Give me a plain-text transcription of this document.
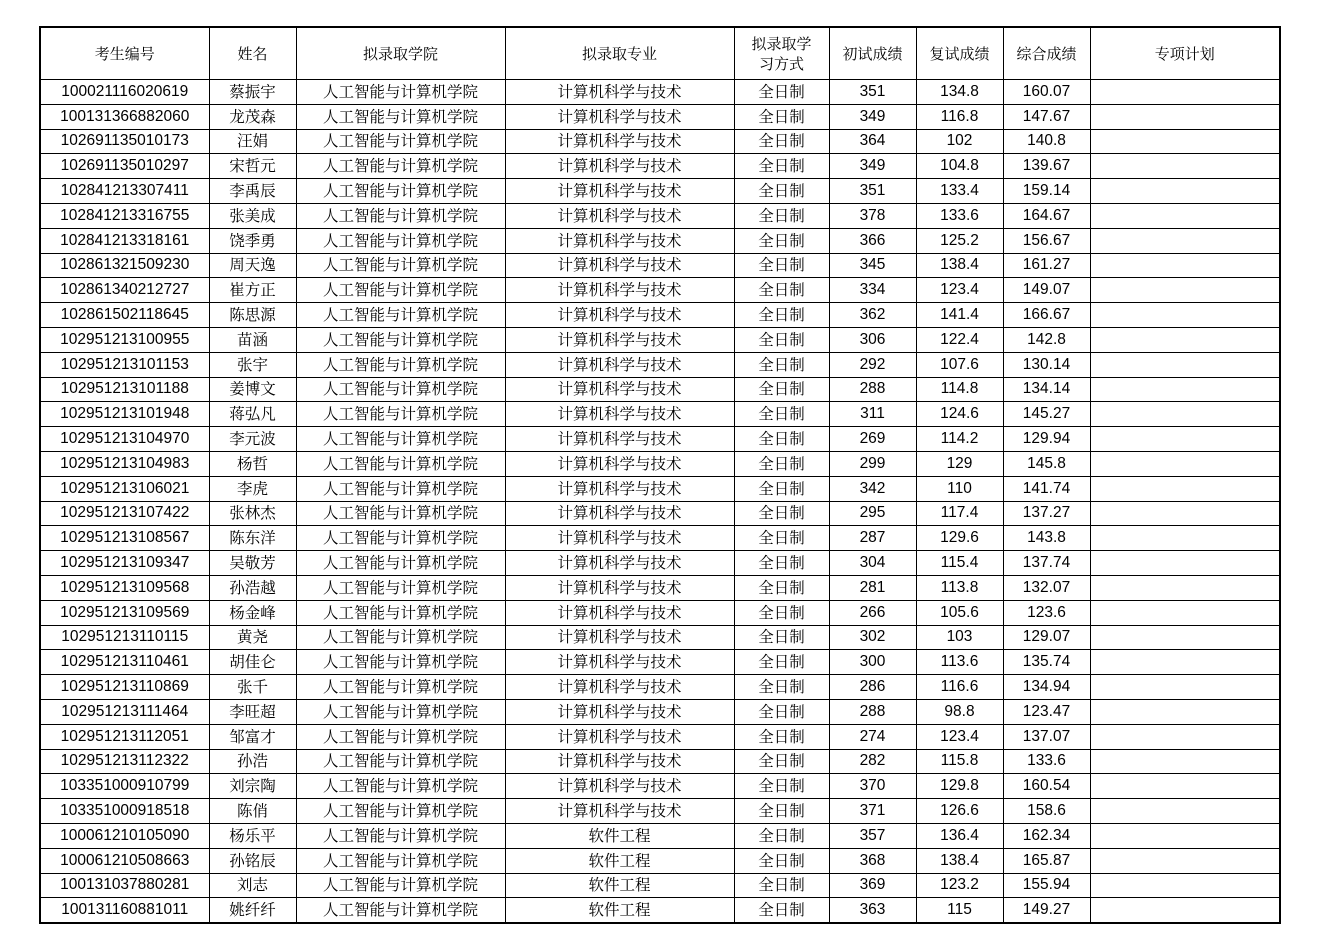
考生编号	姓名	拟录取学院	拟录取专业	拟录取学
习方式	初试成绩	复试成绩	综合成绩	专项计划
100021116020619	蔡振宇	人工智能与计算机学院	计算机科学与技术	全日制	351	134.8	160.07	
100131366882060	龙茂森	人工智能与计算机学院	计算机科学与技术	全日制	349	116.8	147.67	
102691135010173	汪娟	人工智能与计算机学院	计算机科学与技术	全日制	364	102	140.8	
102691135010297	宋哲元	人工智能与计算机学院	计算机科学与技术	全日制	349	104.8	139.67	
102841213307411	李禹辰	人工智能与计算机学院	计算机科学与技术	全日制	351	133.4	159.14	
102841213316755	张美成	人工智能与计算机学院	计算机科学与技术	全日制	378	133.6	164.67	
102841213318161	饶季勇	人工智能与计算机学院	计算机科学与技术	全日制	366	125.2	156.67	
102861321509230	周天逸	人工智能与计算机学院	计算机科学与技术	全日制	345	138.4	161.27	
102861340212727	崔方正	人工智能与计算机学院	计算机科学与技术	全日制	334	123.4	149.07	
102861502118645	陈思源	人工智能与计算机学院	计算机科学与技术	全日制	362	141.4	166.67	
102951213100955	苗涵	人工智能与计算机学院	计算机科学与技术	全日制	306	122.4	142.8	
102951213101153	张宇	人工智能与计算机学院	计算机科学与技术	全日制	292	107.6	130.14	
102951213101188	姜博文	人工智能与计算机学院	计算机科学与技术	全日制	288	114.8	134.14	
102951213101948	蒋弘凡	人工智能与计算机学院	计算机科学与技术	全日制	311	124.6	145.27	
102951213104970	李元波	人工智能与计算机学院	计算机科学与技术	全日制	269	114.2	129.94	
102951213104983	杨哲	人工智能与计算机学院	计算机科学与技术	全日制	299	129	145.8	
102951213106021	李虎	人工智能与计算机学院	计算机科学与技术	全日制	342	110	141.74	
102951213107422	张林杰	人工智能与计算机学院	计算机科学与技术	全日制	295	117.4	137.27	
102951213108567	陈东洋	人工智能与计算机学院	计算机科学与技术	全日制	287	129.6	143.8	
102951213109347	吴敬芳	人工智能与计算机学院	计算机科学与技术	全日制	304	115.4	137.74	
102951213109568	孙浩越	人工智能与计算机学院	计算机科学与技术	全日制	281	113.8	132.07	
102951213109569	杨金峰	人工智能与计算机学院	计算机科学与技术	全日制	266	105.6	123.6	
102951213110115	黄尧	人工智能与计算机学院	计算机科学与技术	全日制	302	103	129.07	
102951213110461	胡佳仑	人工智能与计算机学院	计算机科学与技术	全日制	300	113.6	135.74	
102951213110869	张千	人工智能与计算机学院	计算机科学与技术	全日制	286	116.6	134.94	
102951213111464	李旺超	人工智能与计算机学院	计算机科学与技术	全日制	288	98.8	123.47	
102951213112051	邹富才	人工智能与计算机学院	计算机科学与技术	全日制	274	123.4	137.07	
102951213112322	孙浩	人工智能与计算机学院	计算机科学与技术	全日制	282	115.8	133.6	
103351000910799	刘宗陶	人工智能与计算机学院	计算机科学与技术	全日制	370	129.8	160.54	
103351000918518	陈俏	人工智能与计算机学院	计算机科学与技术	全日制	371	126.6	158.6	
100061210105090	杨乐平	人工智能与计算机学院	软件工程	全日制	357	136.4	162.34	
100061210508663	孙铭辰	人工智能与计算机学院	软件工程	全日制	368	138.4	165.87	
100131037880281	刘志	人工智能与计算机学院	软件工程	全日制	369	123.2	155.94	
100131160881011	姚纤纤	人工智能与计算机学院	软件工程	全日制	363	115	149.27	
